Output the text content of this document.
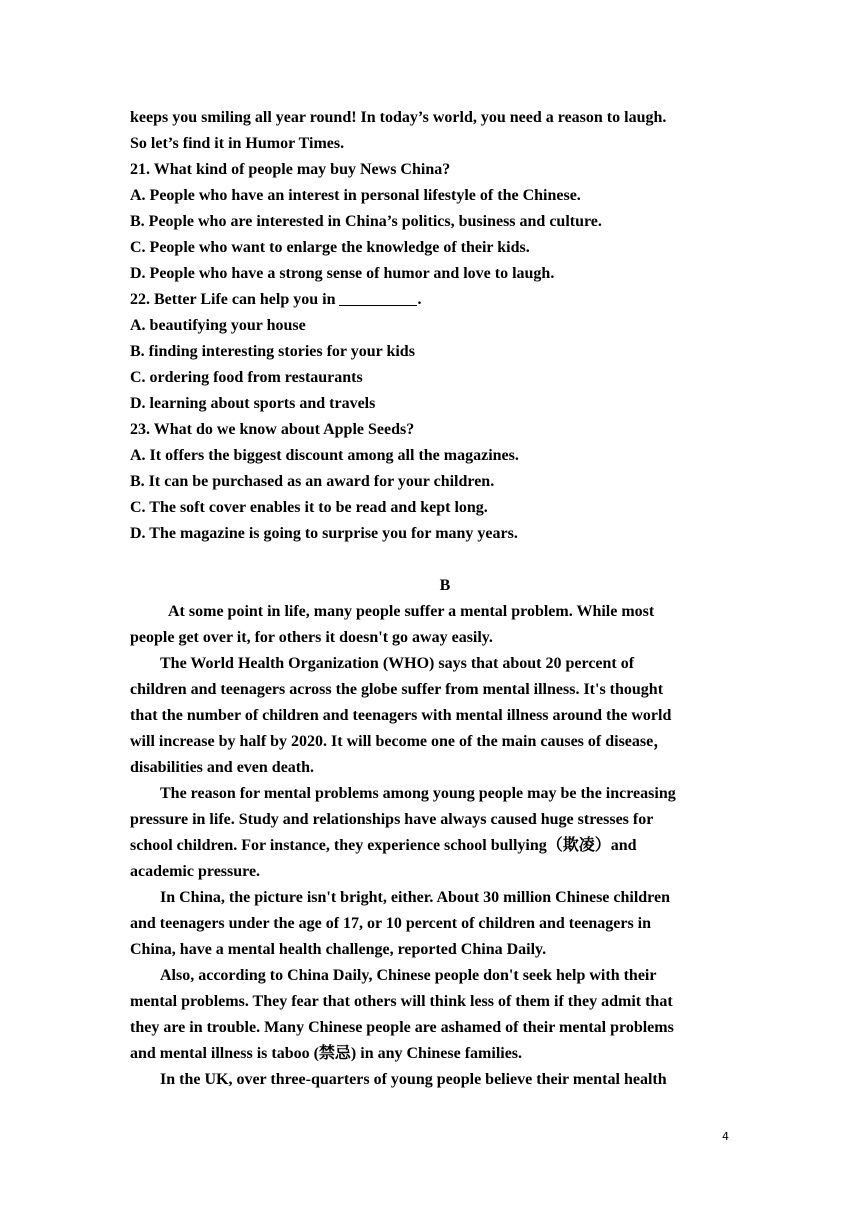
keeps you smiling all year round! In today’s world, you need a reason to laugh.
So let’s find it in Humor Times.
21. What kind of people may buy News China?
A. People who have an interest in personal lifestyle of the Chinese.
B. People who are interested in China’s politics, business and culture.
C. People who want to enlarge the knowledge of their kids.
D. People who have a strong sense of humor and love to laugh.
22. Better Life can help you in	.
A. beautifying your house
B. finding interesting stories for your kids
C. ordering food from restaurants
D. learning about sports and travels
23. What do we know about Apple Seeds?
A. It offers the biggest discount among all the magazines.
B. It can be purchased as an award for your children.
C. The soft cover enables it to be read and kept long.
D. The magazine is going to surprise you for many years.
B
At some point in life, many people suffer a mental problem. While most
people get over it, for others it doesn't go away easily.
The World Health Organization (WHO) says that about 20 percent of
children and teenagers across the globe suffer from mental illness. It's thought
that the number of children and teenagers with mental illness around the world
will increase by half by 2020. It will become one of the main causes of disease，
disabilities and even death.
The reason for mental problems among young people may be the increasing
pressure in life. Study and relationships have always caused huge stresses for
school children. For instance, they experience school bullying（欺凌）and
academic pressure.
In China, the picture isn't bright, either. About 30 million Chinese children
and teenagers under the age of 17, or 10 percent of children and teenagers in
China, have a mental health challenge, reported China Daily.
Also, according to China Daily, Chinese people don't seek help with their
mental problems. They fear that others will think less of them if they admit that
they are in trouble. Many Chinese people are ashamed of their mental problems
and mental illness is taboo (禁忌) in any Chinese families.
In the UK, over three-quarters of young people believe their mental health
4
